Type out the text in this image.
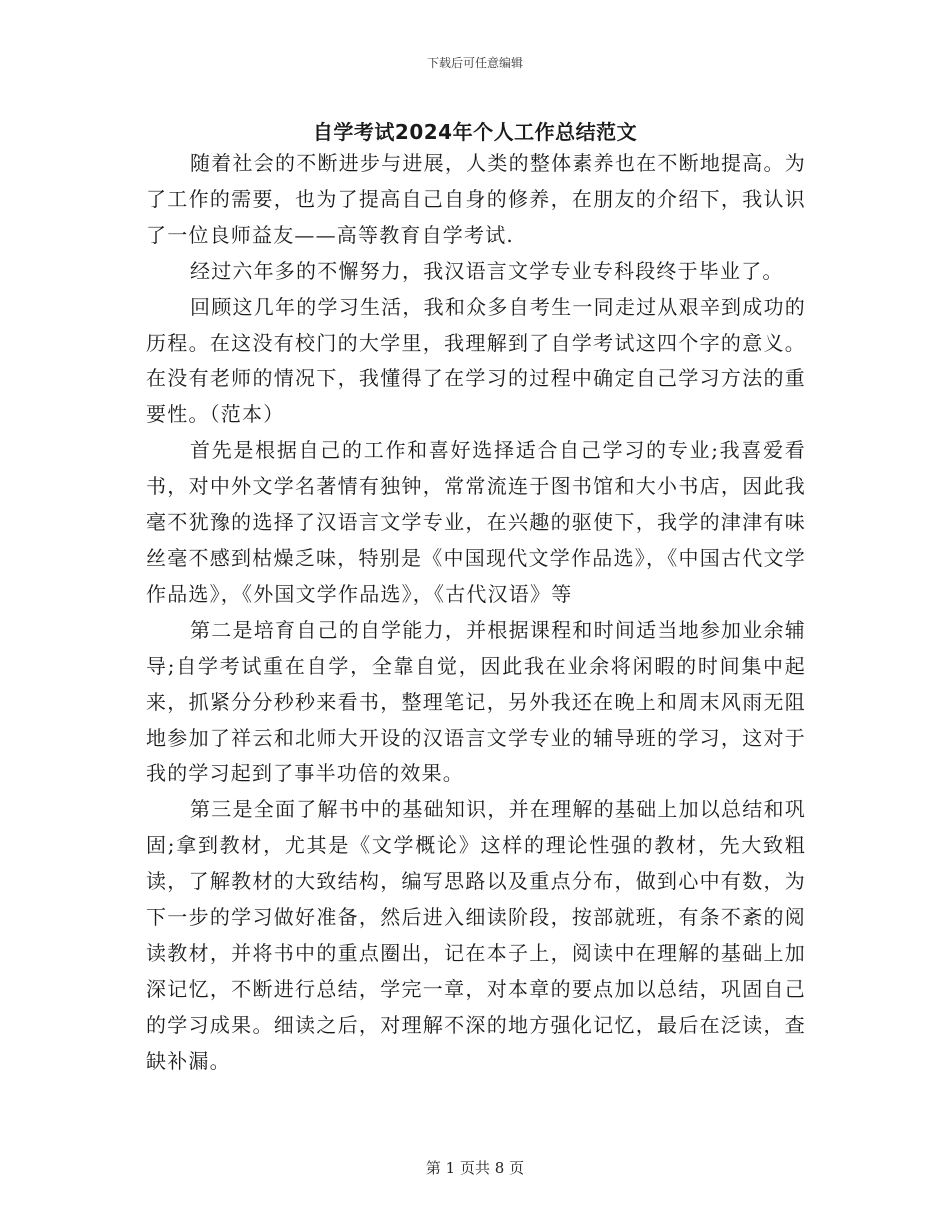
下载后可任意编辑
自学考试2024年个人工作总结范文

随着社会的不断进步与进展，人类的整体素养也在不断地提高。为了工作的需要，也为了提高自己自身的修养，在朋友的介绍下，我认识了一位良师益友——高等教育自学考试.

经过六年多的不懈努力，我汉语言文学专业专科段终于毕业了。

回顾这几年的学习生活，我和众多自考生一同走过从艰辛到成功的历程。在这没有校门的大学里，我理解到了自学考试这四个字的意义。在没有老师的情况下，我懂得了在学习的过程中确定自己学习方法的重要性。（范本）

首先是根据自己的工作和喜好选择适合自己学习的专业;我喜爱看书，对中外文学名著情有独钟，常常流连于图书馆和大小书店，因此我毫不犹豫的选择了汉语言文学专业，在兴趣的驱使下，我学的津津有味丝毫不感到枯燥乏味，特别是《中国现代文学作品选》，《中国古代文学作品选》，《外国文学作品选》，《古代汉语》等

第二是培育自己的自学能力，并根据课程和时间适当地参加业余辅导;自学考试重在自学，全靠自觉，因此我在业余将闲暇的时间集中起来，抓紧分分秒秒来看书，整理笔记，另外我还在晚上和周末风雨无阻地参加了祥云和北师大开设的汉语言文学专业的辅导班的学习，这对于我的学习起到了事半功倍的效果。

第三是全面了解书中的基础知识，并在理解的基础上加以总结和巩固;拿到教材，尤其是《文学概论》这样的理论性强的教材，先大致粗读，了解教材的大致结构，编写思路以及重点分布，做到心中有数，为下一步的学习做好准备，然后进入细读阶段，按部就班，有条不紊的阅读教材，并将书中的重点圈出，记在本子上，阅读中在理解的基础上加深记忆，不断进行总结，学完一章，对本章的要点加以总结，巩固自己的学习成果。细读之后，对理解不深的地方强化记忆，最后在泛读，查缺补漏。

第 1 页共 8 页
